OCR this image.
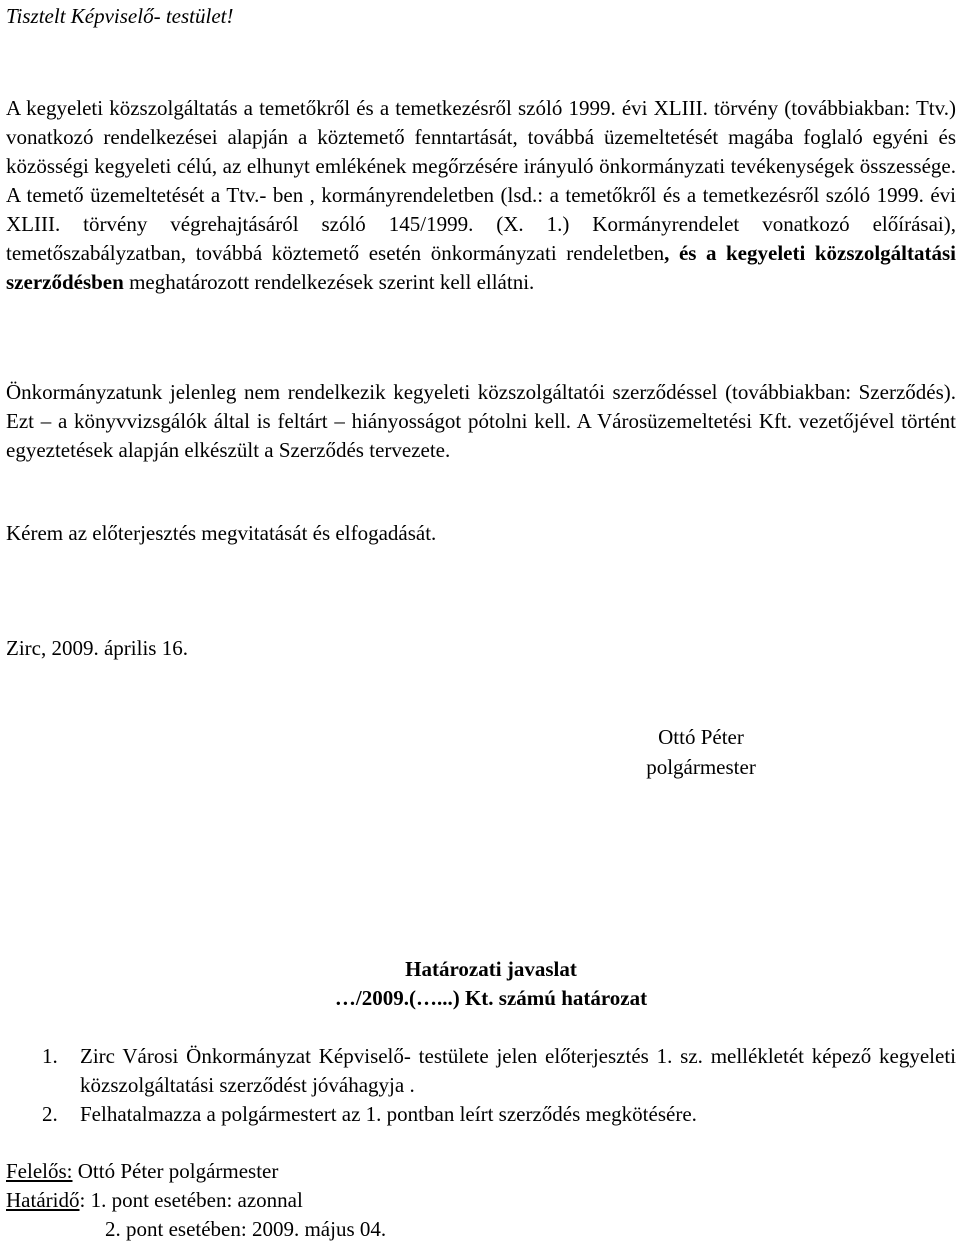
Tisztelt Képviselő- testület!
A kegyeleti közszolgáltatás a temetőkről és a temetkezésről szóló 1999. évi XLIII. törvény (továbbiakban: Ttv.) vonatkozó rendelkezései alapján a köztemető fenntartását, továbbá üzemeltetését magába foglaló egyéni és közösségi kegyeleti célú, az elhunyt emlékének megőrzésére irányuló önkormányzati tevékenységek összessége. A temető üzemeltetését a Ttv.- ben , kormányrendeletben (lsd.: a temetőkről és a temetkezésről szóló 1999. évi XLIII. törvény végrehajtásáról szóló 145/1999. (X. 1.) Kormányrendelet vonatkozó előírásai), temetőszabályzatban, továbbá köztemető esetén önkormányzati rendeletben, és a kegyeleti közszolgáltatási szerződésben meghatározott rendelkezések szerint kell ellátni.
Önkormányzatunk jelenleg nem rendelkezik kegyeleti közszolgáltatói szerződéssel (továbbiakban: Szerződés). Ezt – a könyvvizsgálók által is feltárt – hiányosságot pótolni kell. A Városüzemeltetési Kft. vezetőjével történt egyeztetések alapján elkészült a Szerződés tervezete.
Kérem az előterjesztés megvitatását és elfogadását.
Zirc, 2009. április 16.
Ottó Péter
polgármester
Határozati javaslat
…/2009.(…...) Kt. számú határozat
1.	Zirc Városi Önkormányzat Képviselő- testülete jelen előterjesztés 1. sz. mellékletét képező kegyeleti közszolgáltatási szerződést jóváhagyja .
2.	Felhatalmazza a polgármestert az 1. pontban leírt szerződés megkötésére.
Felelős: Ottó Péter polgármester
Határidő: 1. pont esetében: azonnal
2. pont esetében: 2009. május 04.
